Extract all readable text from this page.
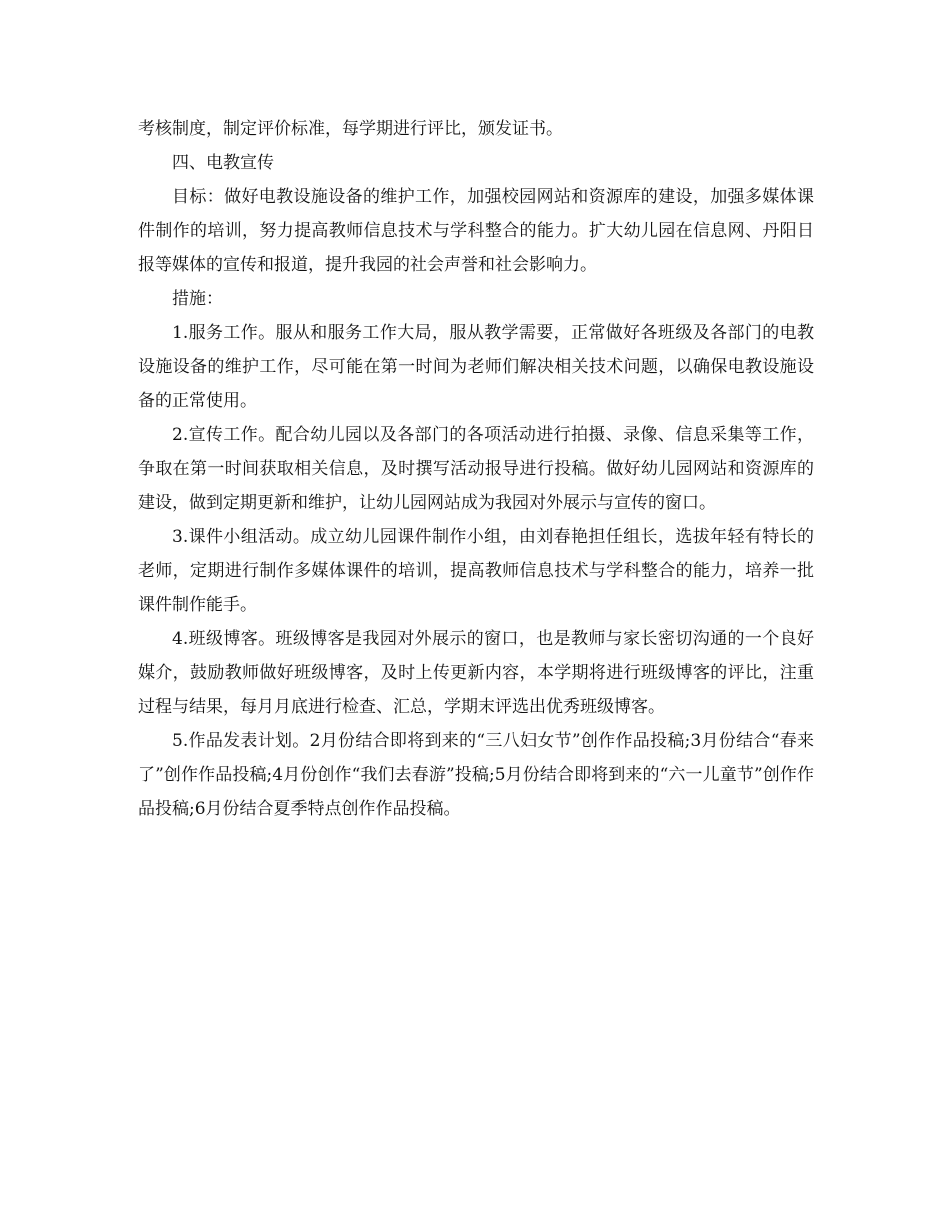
考核制度，制定评价标准，每学期进行评比，颁发证书。

四、电教宣传

目标：做好电教设施设备的维护工作，加强校园网站和资源库的建设，加强多媒体课件制作的培训，努力提高教师信息技术与学科整合的能力。扩大幼儿园在信息网、丹阳日报等媒体的宣传和报道，提升我园的社会声誉和社会影响力。

措施：

1.服务工作。服从和服务工作大局，服从教学需要，正常做好各班级及各部门的电教设施设备的维护工作，尽可能在第一时间为老师们解决相关技术问题，以确保电教设施设备的正常使用。

2.宣传工作。配合幼儿园以及各部门的各项活动进行拍摄、录像、信息采集等工作，争取在第一时间获取相关信息，及时撰写活动报导进行投稿。做好幼儿园网站和资源库的建设，做到定期更新和维护，让幼儿园网站成为我园对外展示与宣传的窗口。

3.课件小组活动。成立幼儿园课件制作小组，由刘春艳担任组长，选拔年轻有特长的老师，定期进行制作多媒体课件的培训，提高教师信息技术与学科整合的能力，培养一批课件制作能手。

4.班级博客。班级博客是我园对外展示的窗口，也是教师与家长密切沟通的一个良好媒介，鼓励教师做好班级博客，及时上传更新内容，本学期将进行班级博客的评比，注重过程与结果，每月月底进行检查、汇总，学期末评选出优秀班级博客。

5.作品发表计划。2月份结合即将到来的“三八妇女节”创作作品投稿;3月份结合“春来了”创作作品投稿;4月份创作“我们去春游”投稿;5月份结合即将到来的“六一儿童节”创作作品投稿;6月份结合夏季特点创作作品投稿。
